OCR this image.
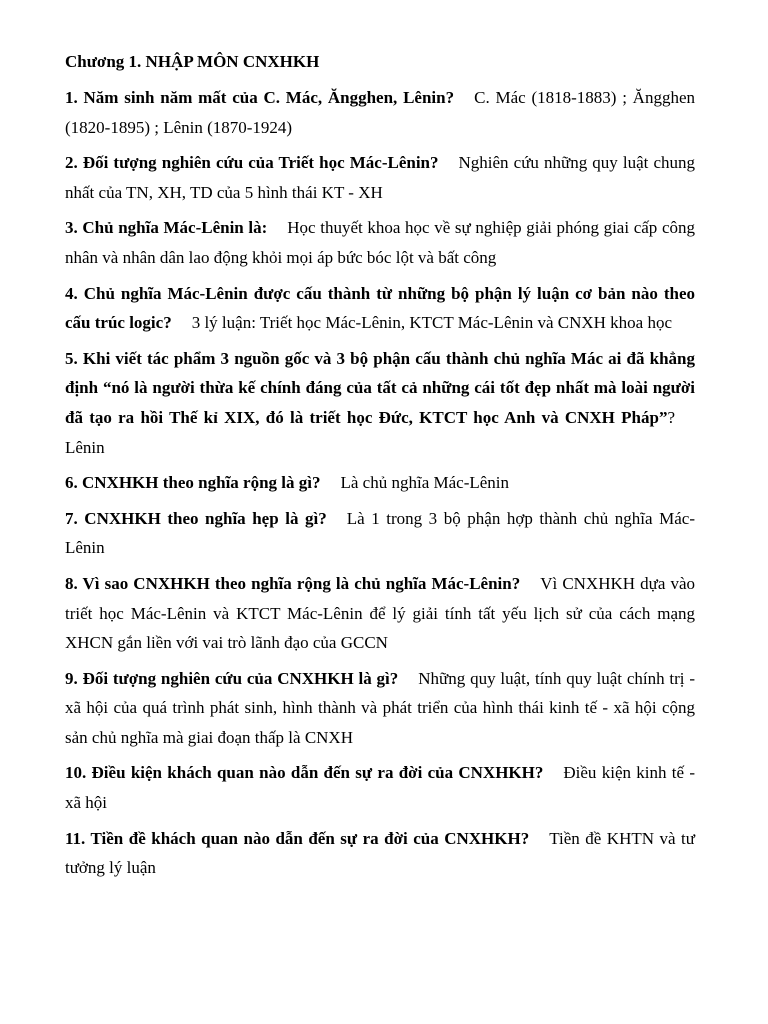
Chương 1. NHẬP MÔN CNXHKH

1. Năm sinh năm mất của C. Mác, Ăngghen, Lênin? C. Mác (1818-1883) ; Ăngghen (1820-1895) ; Lênin (1870-1924)

2. Đối tượng nghiên cứu của Triết học Mác-Lênin? Nghiên cứu những quy luật chung nhất của TN, XH, TD của 5 hình thái KT - XH

3. Chủ nghĩa Mác-Lênin là: Học thuyết khoa học về sự nghiệp giải phóng giai cấp công nhân và nhân dân lao động khỏi mọi áp bức bóc lột và bất công

4. Chủ nghĩa Mác-Lênin được cấu thành từ những bộ phận lý luận cơ bản nào theo cấu trúc logic? 3 lý luận: Triết học Mác-Lênin, KTCT Mác-Lênin và CNXH khoa học

5. Khi viết tác phẩm 3 nguồn gốc và 3 bộ phận cấu thành chủ nghĩa Mác ai đã khẳng định “nó là người thừa kế chính đáng của tất cả những cái tốt đẹp nhất mà loài người đã tạo ra hồi Thế kỉ XIX, đó là triết học Đức, KTCT học Anh và CNXH Pháp”?Lênin

6. CNXHKH theo nghĩa rộng là gì? Là chủ nghĩa Mác-Lênin

7. CNXHKH theo nghĩa hẹp là gì? Là 1 trong 3 bộ phận hợp thành chủ nghĩa Mác-Lênin

8. Vì sao CNXHKH theo nghĩa rộng là chủ nghĩa Mác-Lênin? Vì CNXHKH dựa vào triết học Mác-Lênin và KTCT Mác-Lênin để lý giải tính tất yếu lịch sử của cách mạng XHCN gắn liền với vai trò lãnh đạo của GCCN

9. Đối tượng nghiên cứu của CNXHKH là gì? Những quy luật, tính quy luật chính trị - xã hội của quá trình phát sinh, hình thành và phát triển của hình thái kinh tế - xã hội cộng sản chủ nghĩa mà giai đoạn thấp là CNXH

10. Điều kiện khách quan nào dẫn đến sự ra đời của CNXHKH? Điều kiện kinh tế - xã hội

11. Tiền đề khách quan nào dẫn đến sự ra đời của CNXHKH? Tiền đề KHTN và tư tưởng lý luận
